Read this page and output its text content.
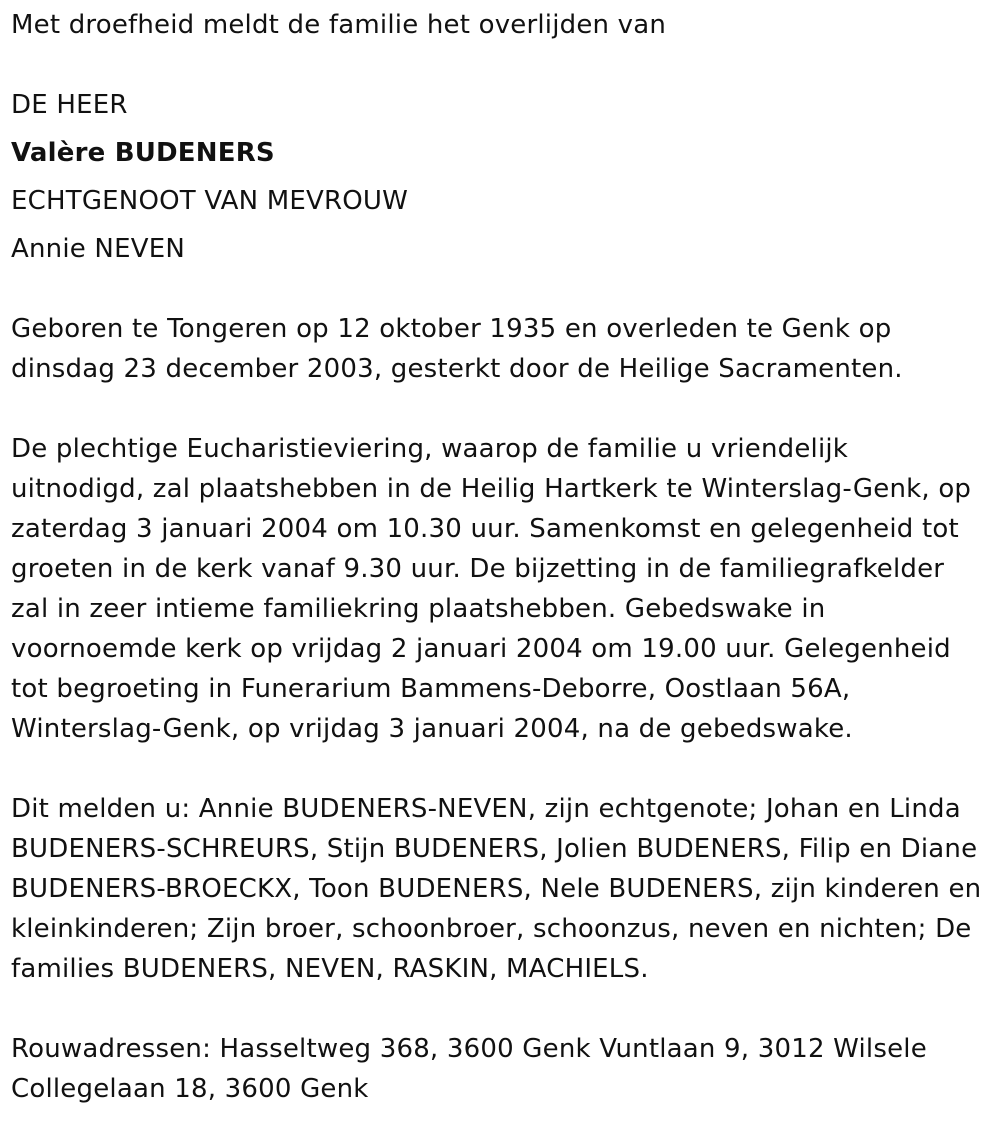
Met droefheid meldt de familie het overlijden van
DE HEER
Valère BUDENERS
ECHTGENOOT VAN MEVROUW
Annie NEVEN
Geboren te Tongeren op 12 oktober 1935 en overleden te Genk op
dinsdag 23 december 2003, gesterkt door de Heilige Sacramenten.
De plechtige Eucharistieviering, waarop de familie u vriendelijk
uitnodigd, zal plaatshebben in de Heilig Hartkerk te Winterslag-Genk, op
zaterdag 3 januari 2004 om 10.30 uur. Samenkomst en gelegenheid tot
groeten in de kerk vanaf 9.30 uur. De bijzetting in de familiegrafkelder
zal in zeer intieme familiekring plaatshebben. Gebedswake in
voornoemde kerk op vrijdag 2 januari 2004 om 19.00 uur. Gelegenheid
tot begroeting in Funerarium Bammens-Deborre, Oostlaan 56A,
Winterslag-Genk, op vrijdag 3 januari 2004, na de gebedswake.
Dit melden u: Annie BUDENERS-NEVEN, zijn echtgenote; Johan en Linda
BUDENERS-SCHREURS, Stijn BUDENERS, Jolien BUDENERS, Filip en Diane
BUDENERS-BROECKX, Toon BUDENERS, Nele BUDENERS, zijn kinderen en
kleinkinderen; Zijn broer, schoonbroer, schoonzus, neven en nichten; De
families BUDENERS, NEVEN, RASKIN, MACHIELS.
Rouwadressen: Hasseltweg 368, 3600 Genk Vuntlaan 9, 3012 Wilsele
Collegelaan 18, 3600 Genk
